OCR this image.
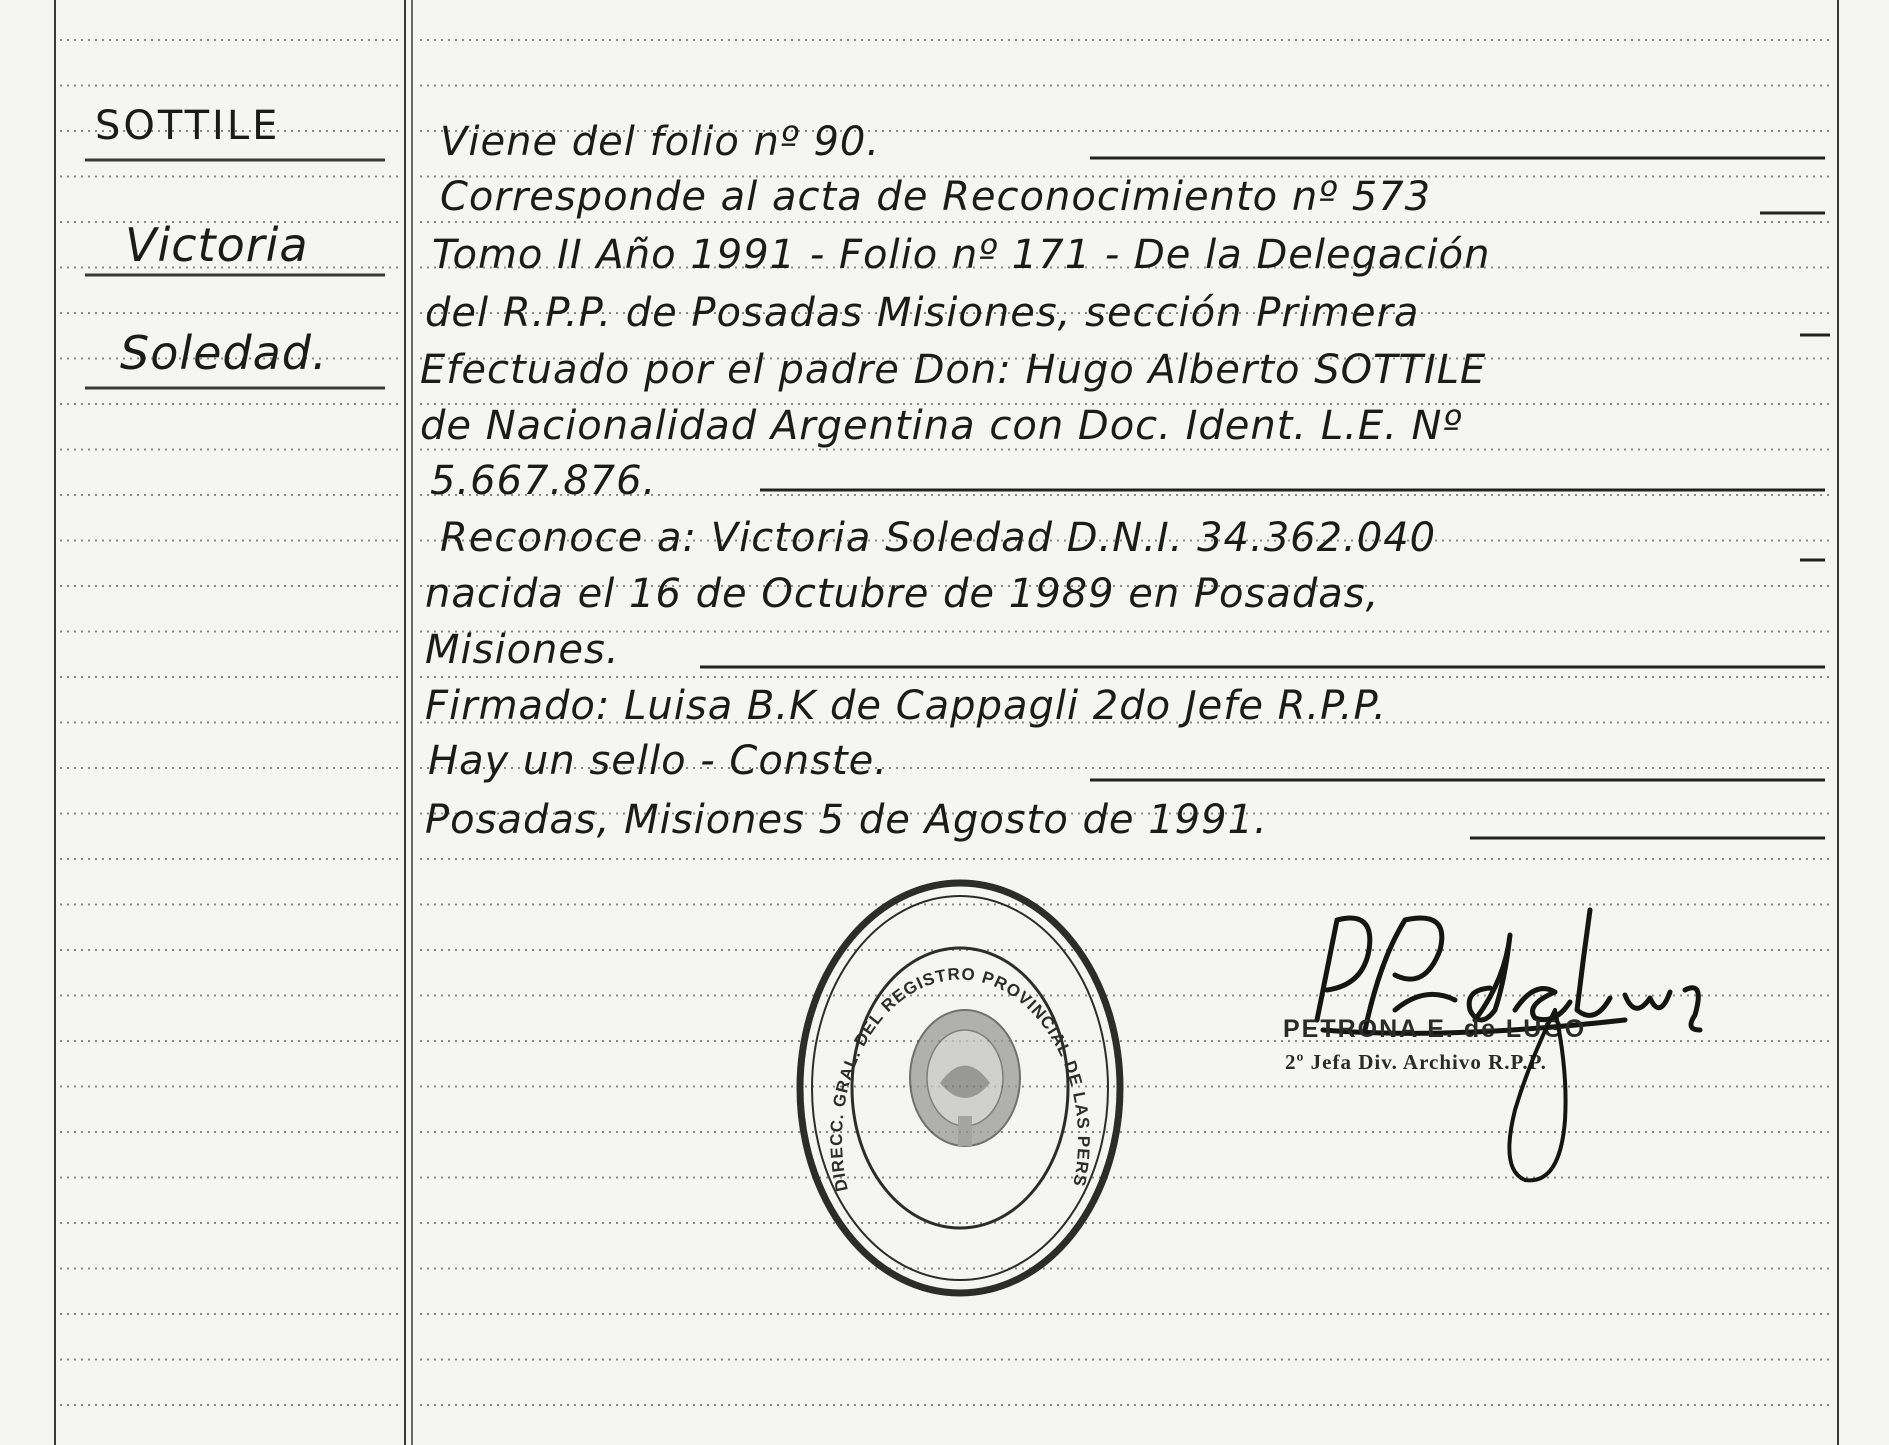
SOTTILE

Victoria

Soledad.

Viene del folio nº 90.

Corresponde al acta de Reconocimiento nº 573

Tomo II Año 1991 - Folio nº 171 - De la Delegación

del R.P.P. de Posadas Misiones, sección Primera

Efectuado por el padre Don: Hugo Alberto SOTTILE

de Nacionalidad Argentina con Doc. Ident. L.E. Nº

5.667.876.

Reconoce a: Victoria Soledad D.N.I. 34.362.040

nacida el 16 de Octubre de 1989 en Posadas,

Misiones.

Firmado: Luisa B.K de Cappagli 2do Jefe R.P.P.

Hay un sello - Conste.

Posadas, Misiones 5 de Agosto de 1991.

DIRECC. GRAL. DEL REGISTRO PROVINCIAL DE LAS PERS

PETRONA E. de LUGO

2º Jefa Div. Archivo R.P.P.
